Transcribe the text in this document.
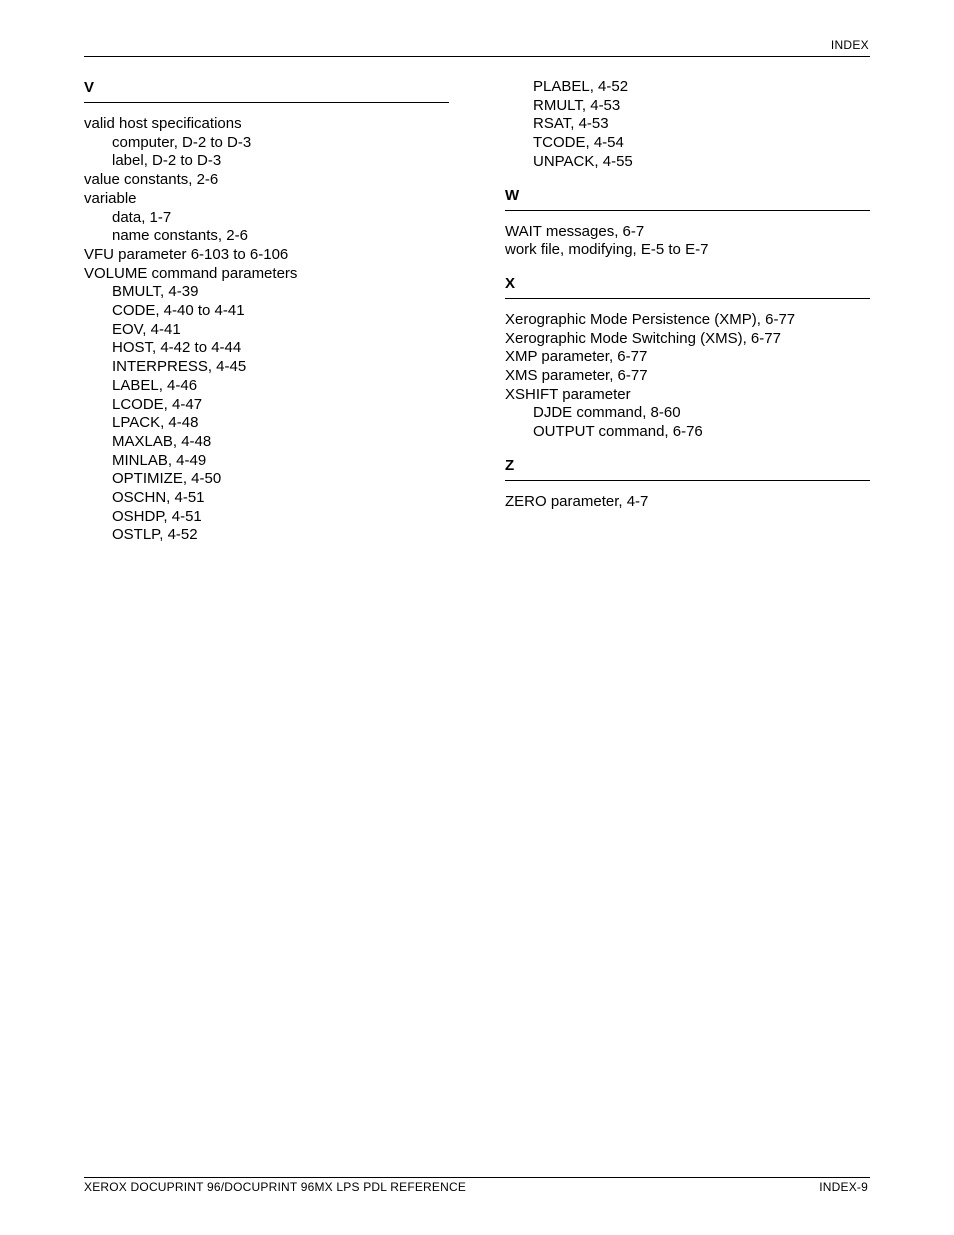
INDEX
V
valid host specifications
computer, D-2 to D-3
label, D-2 to D-3
value constants, 2-6
variable
data, 1-7
name constants, 2-6
VFU parameter 6-103 to 6-106
VOLUME command parameters
BMULT, 4-39
CODE, 4-40 to 4-41
EOV, 4-41
HOST, 4-42 to 4-44
INTERPRESS, 4-45
LABEL, 4-46
LCODE, 4-47
LPACK, 4-48
MAXLAB, 4-48
MINLAB, 4-49
OPTIMIZE, 4-50
OSCHN, 4-51
OSHDP, 4-51
OSTLP, 4-52
PLABEL, 4-52
RMULT, 4-53
RSAT, 4-53
TCODE, 4-54
UNPACK, 4-55
W
WAIT messages, 6-7
work file, modifying, E-5 to E-7
X
Xerographic Mode Persistence (XMP), 6-77
Xerographic Mode Switching (XMS), 6-77
XMP parameter, 6-77
XMS parameter, 6-77
XSHIFT parameter
DJDE command, 8-60
OUTPUT command, 6-76
Z
ZERO parameter, 4-7
XEROX DOCUPRINT 96/DOCUPRINT 96MX LPS PDL REFERENCE	INDEX-9
